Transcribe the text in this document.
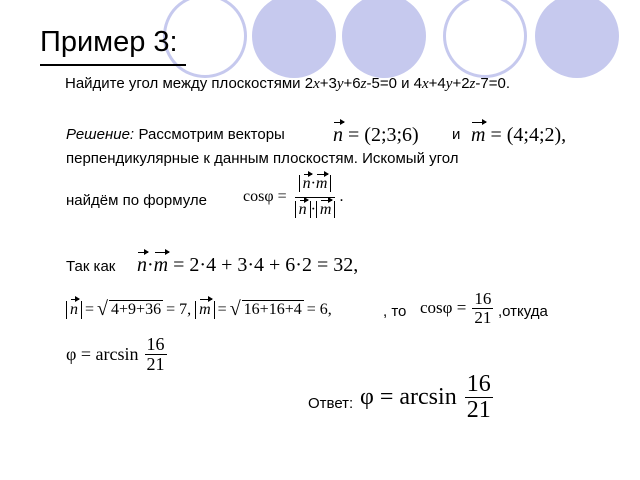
Пример 3:
Найдите угол между плоскостями 2x+3y+6z-5=0 и 4x+4y+2z-7=0.
Решение: Рассмотрим векторы n = (2;3;6) и m = (4;4;2),
перпендикулярные к данным плоскостям. Искомый угол
найдём по формуле $\cos\varphi = \frac{n\cdot m}{n \cdot m}$ .
Так как n·m = 2·4 + 3·4 + 6·2 = 32,
n = √ 4+9+36 = 7, m = √ 16+16+4 = 6,	, то $\cos\varphi = \frac{16}{21}$ ,откуда
$\varphi = \arcsin \frac{16}{21}$
Ответ: $\varphi = \arcsin \frac{16}{21}$
